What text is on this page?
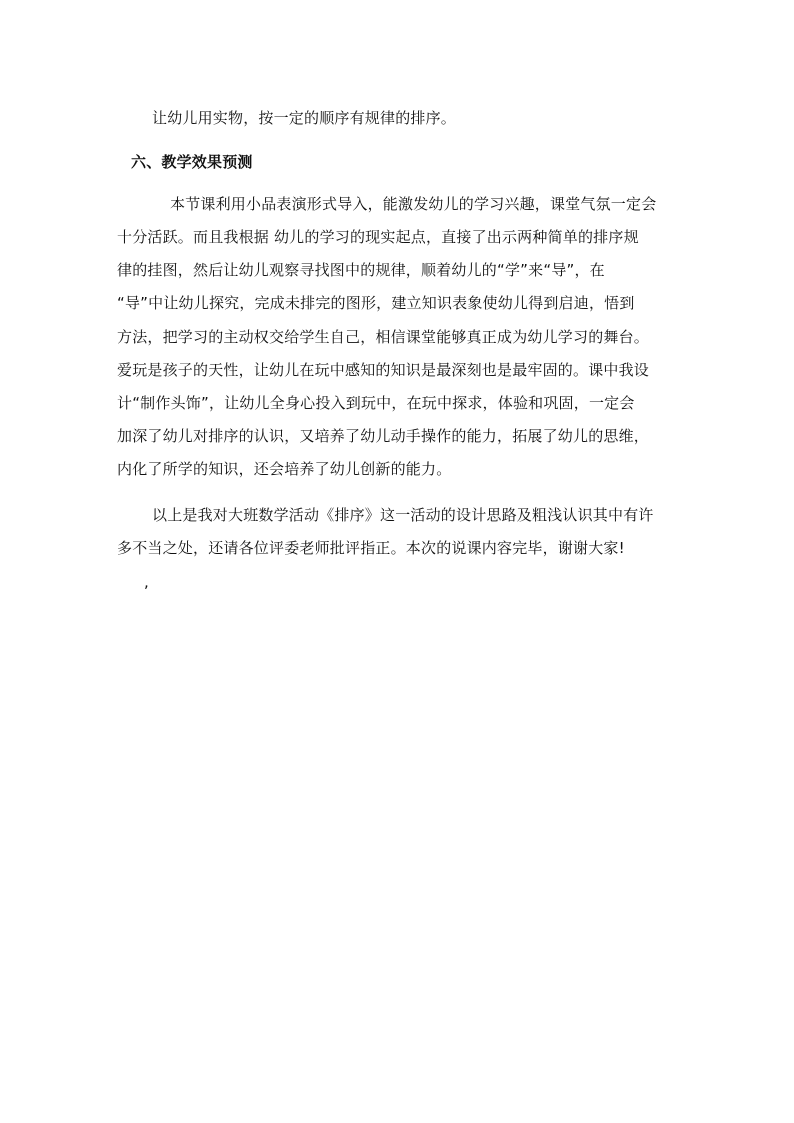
让幼儿用实物，按一定的顺序有规律的排序。
六、教学效果预测
本节课利用小品表演形式导入，能激发幼儿的学习兴趣，课堂气氛一定会
十分活跃。而且我根据 幼儿的学习的现实起点，直接了出示两种简单的排序规
律的挂图，然后让幼儿观察寻找图中的规律，顺着幼儿的“学”来“导”，在
“导”中让幼儿探究，完成未排完的图形，建立知识表象使幼儿得到启迪，悟到
方法，把学习的主动权交给学生自己，相信课堂能够真正成为幼儿学习的舞台。
爱玩是孩子的天性，让幼儿在玩中感知的知识是最深刻也是最牢固的。课中我设
计“制作头饰”，让幼儿全身心投入到玩中，在玩中探求，体验和巩固，一定会
加深了幼儿对排序的认识，又培养了幼儿动手操作的能力，拓展了幼儿的思维，
内化了所学的知识，还会培养了幼儿创新的能力。
以上是我对大班数学活动《排序》这一活动的设计思路及粗浅认识其中有许
多不当之处，还请各位评委老师批评指正。本次的说课内容完毕，谢谢大家!
,
